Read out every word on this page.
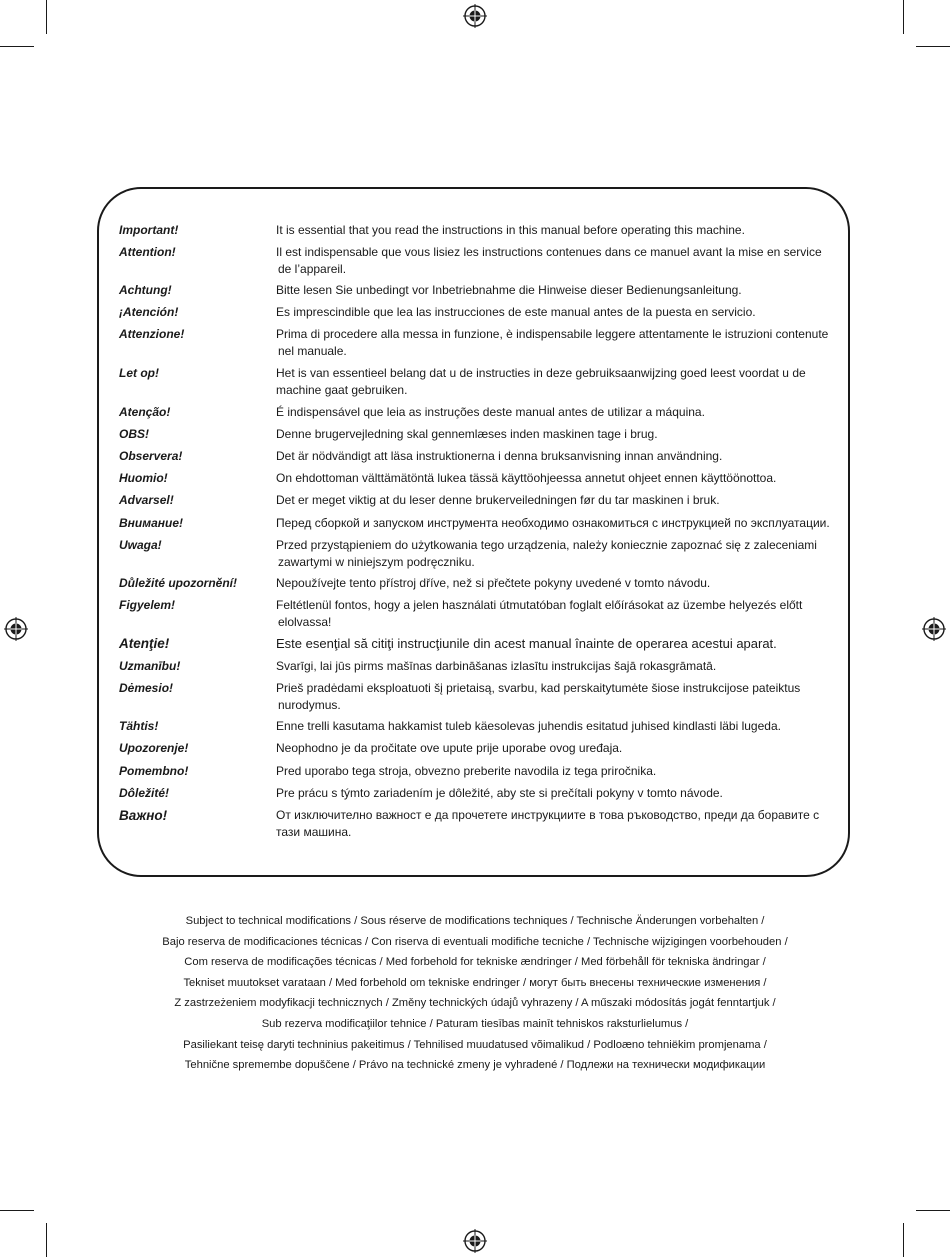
Important!	It is essential that you read the instructions in this manual before operating this machine.
Attention!	Il est indispensable que vous lisiez les instructions contenues dans ce manuel avant la mise en service
de l’appareil.
Achtung!	Bitte lesen Sie unbedingt vor Inbetriebnahme die Hinweise dieser Bedienungsanleitung.
¡Atención!	Es imprescindible que lea las instrucciones de este manual antes de la puesta en servicio.
Attenzione!	Prima di procedere alla messa in funzione, è indispensabile leggere attentamente le istruzioni contenute
nel manuale.
Let op!	Het is van essentieel belang dat u de instructies in deze gebruiksaanwijzing goed leest voordat u de
machine gaat gebruiken.
Atenção!	É indispensável que leia as instruções deste manual antes de utilizar a máquina.
OBS!	Denne brugervejledning skal gennemlæses inden maskinen tage i brug.
Observera!	Det är nödvändigt att läsa instruktionerna i denna bruksanvisning innan användning.
Huomio!	On ehdottoman välttämätöntä lukea tässä käyttöohjeessa annetut ohjeet ennen käyttöönottoa.
Advarsel!	Det er meget viktig at du leser denne brukerveiledningen før du tar maskinen i bruk.
Внимание!	Перед сборкой и запуском инструмента необходимо ознакомиться с инструкцией по эксплуатации.
Uwaga!	Przed przystąpieniem do użytkowania tego urządzenia, należy koniecznie zapoznać się z zaleceniami
zawartymi w niniejszym podręczniku.
Důležité upozornění!	Nepoužívejte tento přístroj dříve, než si přečtete pokyny uvedené v tomto návodu.
Figyelem!	Feltétlenül fontos, hogy a jelen használati útmutatóban foglalt előírásokat az üzembe helyezés előtt
elolvassa!
Atenţie!	Este esenţial să citiţi instrucţiunile din acest manual înainte de operarea acestui aparat.
Uzmanību!	Svarīgi, lai jūs pirms mašīnas darbināšanas izlasītu instrukcijas šajā rokasgrāmatā.
Dėmesio!	Prieš pradėdami eksploatuoti šį prietaisą, svarbu, kad perskaitytumėte šiose instrukcijose pateiktus
nurodymus.
Tähtis!	Enne trelli kasutama hakkamist tuleb käesolevas juhendis esitatud juhised kindlasti läbi lugeda.
Upozorenje!	Neophodno je da pročitate ove upute prije uporabe ovog uređaja.
Pomembno!	Pred uporabo tega stroja, obvezno preberite navodila iz tega priročnika.
Dôležité!	Pre prácu s týmto zariadením je dôležité, aby ste si prečítali pokyny v tomto návode.
Важно!	От изключително важност е да прочетете инструкциите в това ръководство, преди да боравите с
тази машина.
Subject to technical modifications / Sous réserve de modifications techniques / Technische Änderungen vorbehalten /
Bajo reserva de modificaciones técnicas / Con riserva di eventuali modifiche tecniche / Technische wijzigingen voorbehouden /
Com reserva de modificações técnicas / Med forbehold for tekniske ændringer / Med förbehåll för tekniska ändringar /
Tekniset muutokset varataan / Med forbehold om tekniske endringer / могут быть внесены технические изменения /
Z zastrzeżeniem modyfikacji technicznych / Změny technických údajů vyhrazeny / A műszaki módosítás jogát fenntartjuk /
Sub rezerva modificaţiilor tehnice / Paturam tiesības mainīt tehniskos raksturlielumus /
Pasiliekant teisę daryti techninius pakeitimus / Tehnilised muudatused võimalikud / Podloæno tehniëkim promjenama /
Tehnične spremembe dopuščene / Právo na technické zmeny je vyhradené / Подлежи на технически модификации
